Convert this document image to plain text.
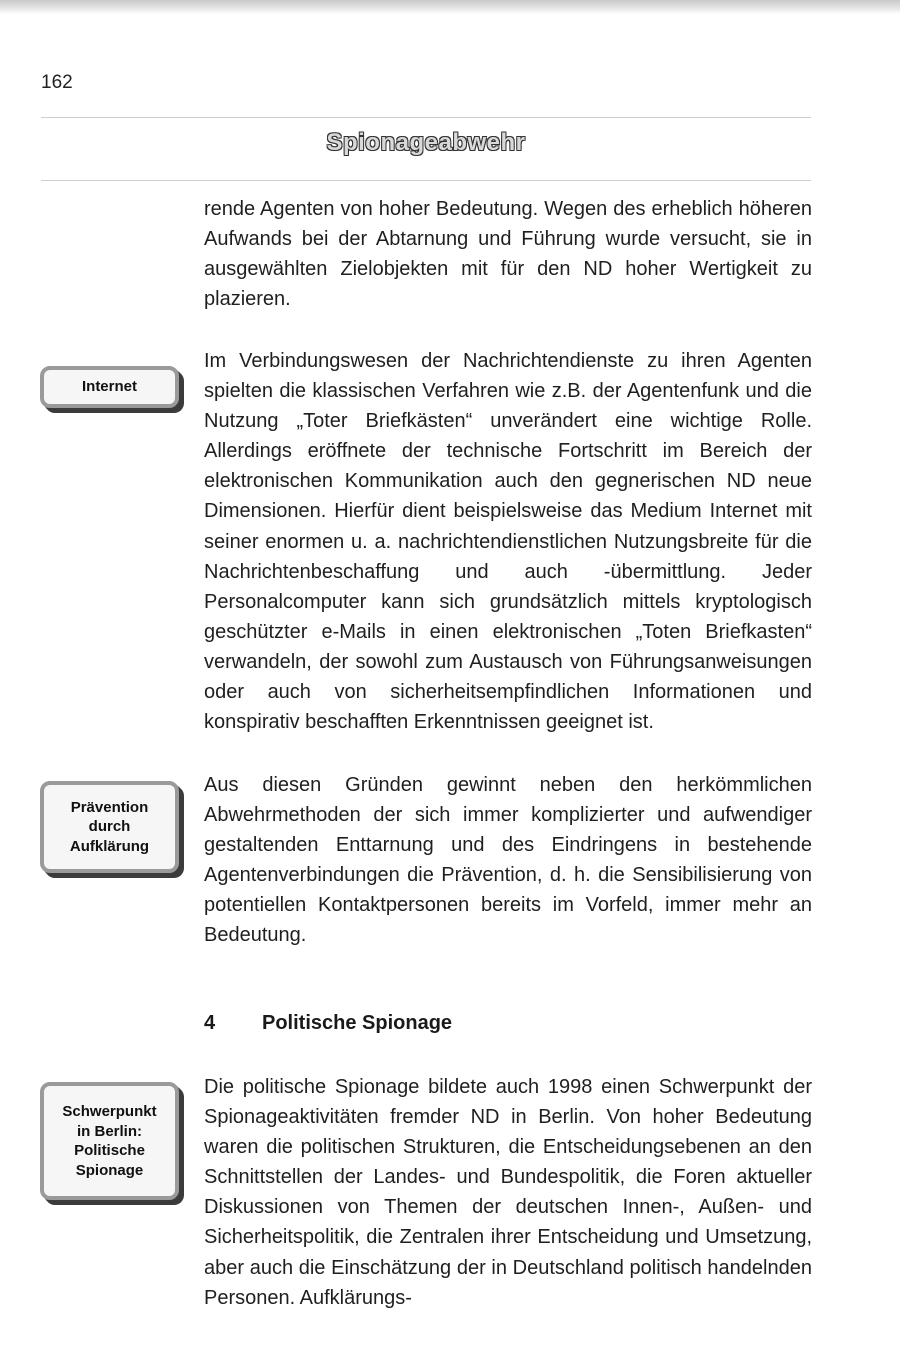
162
Spionageabwehr

rende Agenten von hoher Bedeutung. Wegen des erheblich höheren Aufwands bei der Abtarnung und Führung wurde versucht, sie in ausgewählten Zielobjekten mit für den ND hoher Wertigkeit zu plazieren.

Internet

Im Verbindungswesen der Nachrichtendienste zu ihren Agenten spielten die klassischen Verfahren wie z.B. der Agentenfunk und die Nutzung „Toter Briefkästen“ unverändert eine wichtige Rolle. Allerdings eröffnete der technische Fortschritt im Bereich der elektronischen Kommunikation auch den gegnerischen ND neue Dimensionen. Hierfür dient beispielsweise das Medium Internet mit seiner enormen u. a. nachrichtendienstlichen Nutzungsbreite für die Nachrichtenbeschaffung und auch -übermittlung. Jeder Personalcomputer kann sich grundsätzlich mittels kryptologisch geschützter e-Mails in einen elektronischen „Toten Briefkasten“ verwandeln, der sowohl zum Austausch von Führungsanweisungen oder auch von sicherheitsempfindlichen Informationen und konspirativ beschafften Erkenntnissen geeignet ist.

Prävention
durch
Aufklärung

Aus diesen Gründen gewinnt neben den herkömmlichen Abwehrmethoden der sich immer komplizierter und aufwendiger gestaltenden Enttarnung und des Eindringens in bestehende Agentenverbindungen die Prävention, d. h. die Sensibilisierung von potentiellen Kontaktpersonen bereits im Vorfeld, immer mehr an Bedeutung.

4 Politische Spionage
Schwerpunkt
in Berlin:
Politische
Spionage

Die politische Spionage bildete auch 1998 einen Schwerpunkt der Spionageaktivitäten fremder ND in Berlin. Von hoher Bedeutung waren die politischen Strukturen, die Entscheidungsebenen an den Schnittstellen der Landes- und Bundespolitik, die Foren aktueller Diskussionen von Themen der deutschen Innen-, Außen- und Sicherheitspolitik, die Zentralen ihrer Entscheidung und Umsetzung, aber auch die Einschätzung der in Deutschland politisch handelnden Personen. Aufklärungs-
